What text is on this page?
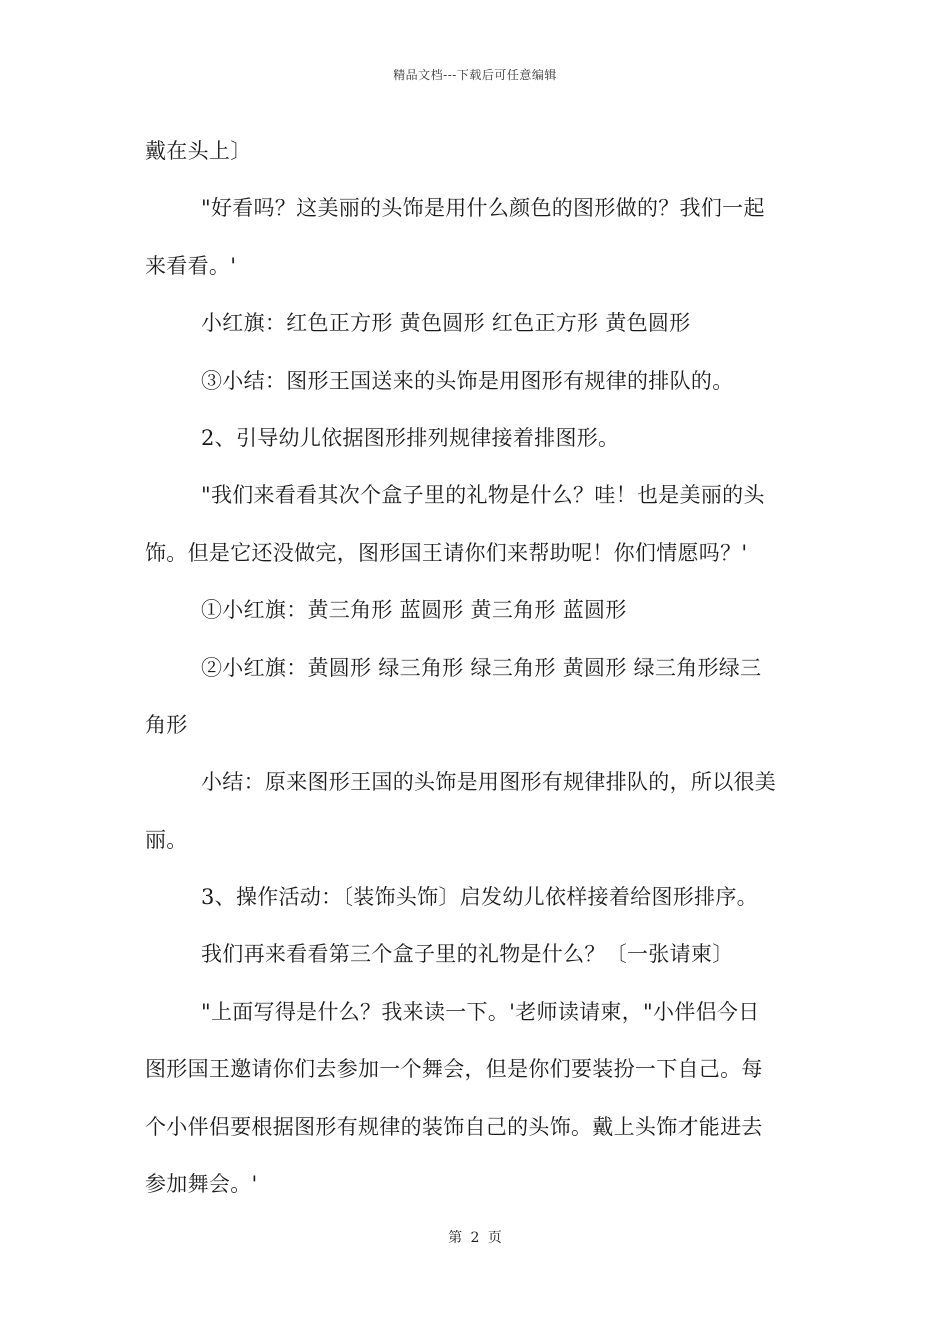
精品文档---下载后可任意编辑
戴在头上〕
"好看吗？这美丽的头饰是用什么颜色的图形做的？我们一起
来看看。'
小红旗：红色正方形 黄色圆形 红色正方形 黄色圆形
③小结：图形王国送来的头饰是用图形有规律的排队的。
2、引导幼儿依据图形排列规律接着排图形。
"我们来看看其次个盒子里的礼物是什么？哇！也是美丽的头
饰。但是它还没做完，图形国王请你们来帮助呢！你们情愿吗？'
①小红旗：黄三角形 蓝圆形 黄三角形 蓝圆形
②小红旗：黄圆形 绿三角形 绿三角形 黄圆形 绿三角形绿三
角形
小结：原来图形王国的头饰是用图形有规律排队的，所以很美
丽。
3、操作活动：〔装饰头饰〕启发幼儿依样接着给图形排序。
我们再来看看第三个盒子里的礼物是什么？〔一张请柬〕
"上面写得是什么？我来读一下。'老师读请柬，"小伴侣今日
图形国王邀请你们去参加一个舞会，但是你们要装扮一下自己。每
个小伴侣要根据图形有规律的装饰自己的头饰。戴上头饰才能进去
参加舞会。'
第 2 页
